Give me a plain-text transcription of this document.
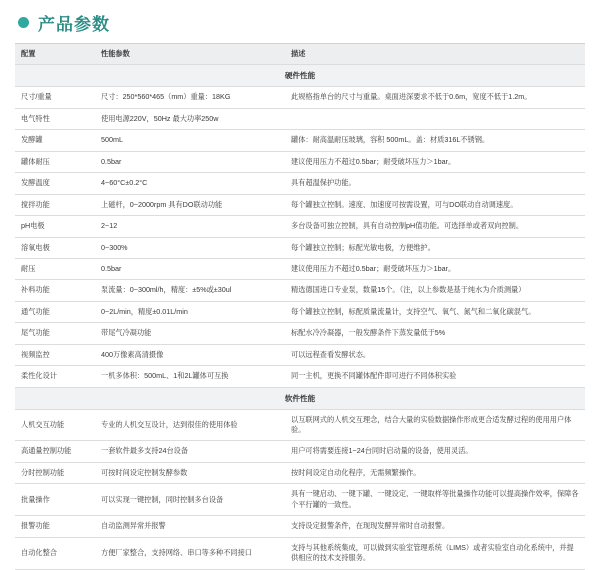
产品参数
配置	性能参数	描述
硬件性能		
尺寸/重量	尺寸：250*560*465（mm）重量：18KG	此规格指单台的尺寸与重量。桌面进深要求不低于0.6m，宽度不低于1.2m。
电气特性	使用电源220V，50Hz 最大功率250w	
发酵罐	500mL	罐体：耐高温耐压玻璃，容积 500mL。盖：材质316L不锈钢。
罐体耐压	0.5bar	建议使用压力不超过0.5bar；耐受破坏压力＞1bar。
发酵温度	4~60°C±0.2°C	具有超温保护功能。
搅拌功能	上磁杆，0~2000rpm 具有DO联动功能	每个罐独立控制。速度、加速度可按需设置，可与DO联动自动调速度。
pH电极	2~12	多台设备可独立控制，具有自动控制pH值功能。可选择单或者双向控制。
溶氧电极	0~300%	每个罐独立控制；标配光敏电极，方便维护。
耐压	0.5bar	建议使用压力不超过0.5bar；耐受破坏压力＞1bar。
补料功能	泵流量：0~300ml/h，精度：±5%或±30ul	精选德国进口专业泵，数量15个。（注，以上参数是基于纯水为介质测量）
通气功能	0~2L/min，精度±0.01L/min	每个罐独立控制，标配质量流量计，支持空气、氧气、氮气和二氧化碳混气。
尾气功能	带尾气冷凝功能	标配水冷冷凝器，一般发酵条件下蒸发量低于5%
视频监控	400万像素高清摄像	可以远程查看发酵状态。
柔性化设计	一机多体积：500mL、1和2L罐体可互换	同一主机，更换不同罐体配件即可进行不同体积实验
软件性能		
人机交互功能	专业的人机交互设计，达到很佳的使用体验	以互联网式的人机交互理念，结合大量的实验数据操作形成更合适发酵过程的使用用户体验。
高通量控制功能	一套软件最多支持24台设备	用户可将需要连接1~24台同时启动量的设备，使用灵活。
分时控制功能	可按时间设定控制发酵参数	按时间设定自动化程序，无需频繁操作。
批量操作	可以实现一键控制，同时控制多台设备	具有一键启动、一键下罐、一键设定、一键取样等批量操作功能可以提高操作效率，保障各个平行罐的一致性。
报警功能	自动监测异常并报警	支持设定报警条件，在现现发酵异常时自动报警。
自动化整合	方便厂家整合，支持网络、串口等多种不同接口	支持与其他系统集成，可以做到实验室管理系统（LIMS）或者实验室自动化系统中，并提供相应的技术支持服务。
